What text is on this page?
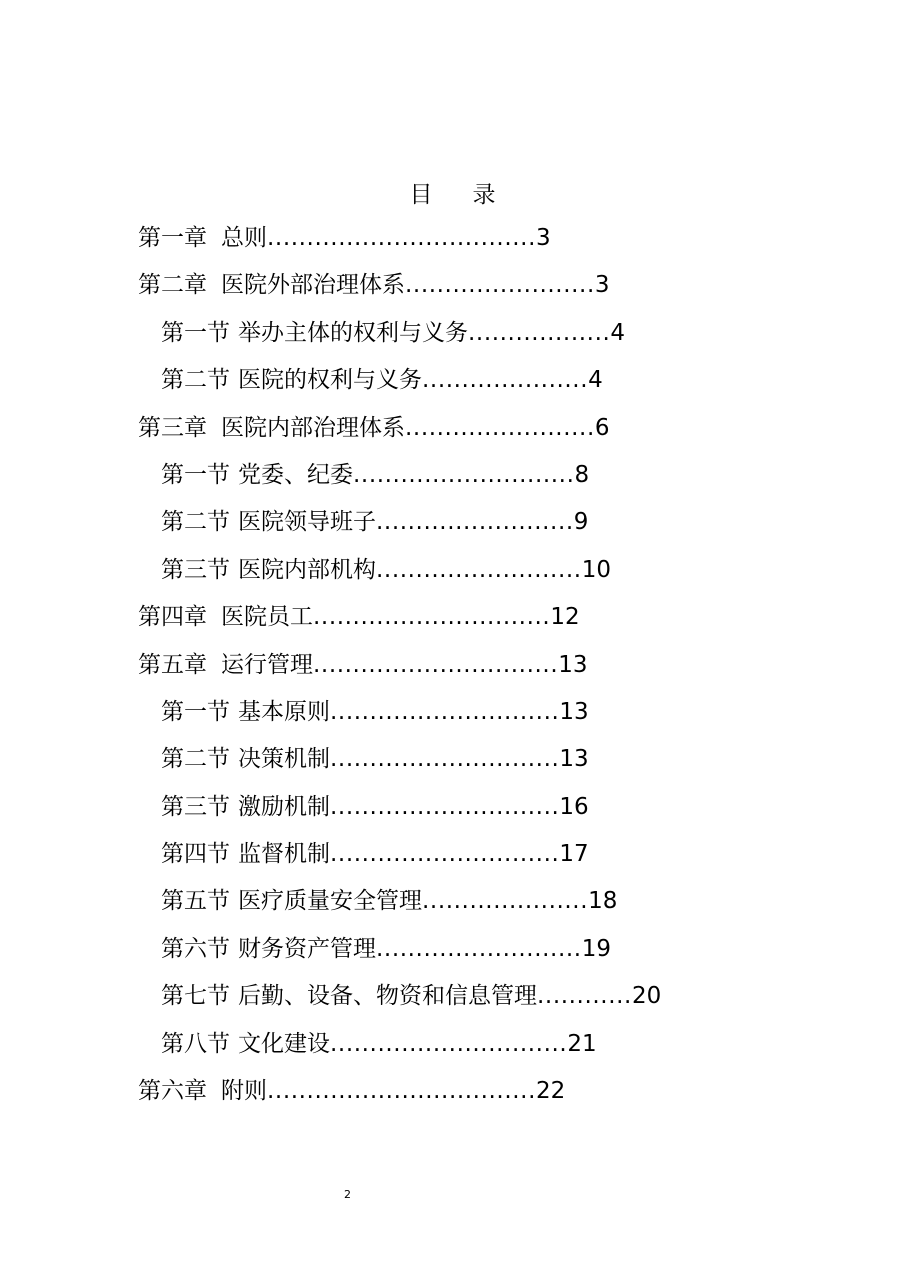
目 录
第一章 总则..................................3
第二章 医院外部治理体系........................3
第一节 举办主体的权利与义务..................4
第二节 医院的权利与义务.....................4
第三章 医院内部治理体系........................6
第一节 党委、纪委............................8
第二节 医院领导班子.........................9
第三节 医院内部机构..........................10
第四章 医院员工..............................12
第五章 运行管理...............................13
第一节 基本原则.............................13
第二节 决策机制.............................13
第三节 激励机制.............................16
第四节 监督机制.............................17
第五节 医疗质量安全管理.....................18
第六节 财务资产管理..........................19
第七节 后勤、设备、物资和信息管理............20
第八节 文化建设..............................21
第六章 附则..................................22
2
